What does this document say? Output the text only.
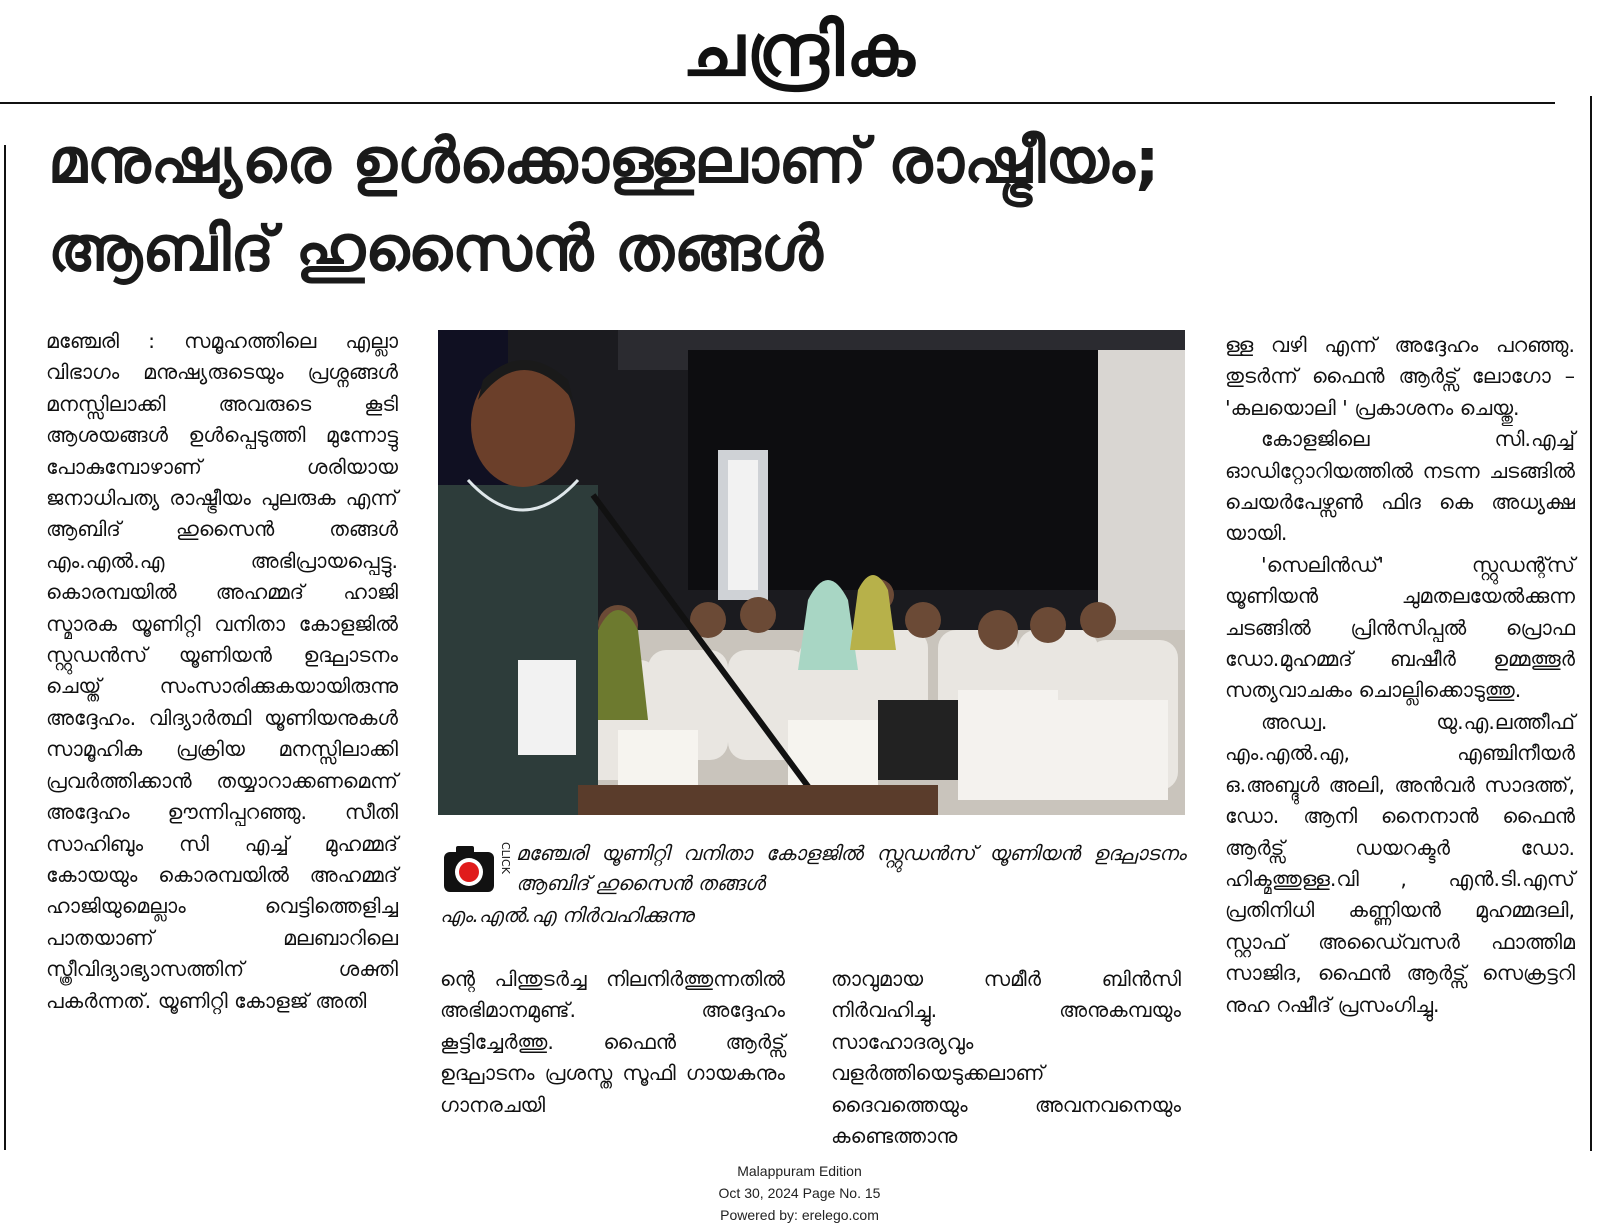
ചന്ദ്രിക
മനുഷ്യരെ ഉൾക്കൊള്ളലാണ് രാഷ്ട്രീയം;
ആബിദ് ഹുസൈൻ തങ്ങൾ

മഞ്ചേരി : സമൂഹത്തിലെ എല്ലാ വിഭാഗം മനുഷ്യരുടെയും പ്രശ്നങ്ങൾ മനസ്സിലാക്കി അവരുടെ കൂടി ആശയങ്ങൾ ഉൾപ്പെടുത്തി മുന്നോട്ടു പോകുമ്പോഴാണ് ശരിയായ ജനാധിപത്യ രാഷ്ട്രീയം പുലരുക എന്ന് ആബിദ് ഹുസൈൻ തങ്ങൾ എം.എൽ.എ അഭിപ്രായപ്പെട്ടു. കൊരമ്പയിൽ അഹമ്മദ് ഹാജി സ്മാരക യൂണിറ്റി വനിതാ കോളജിൽ സ്റ്റുഡൻസ് യൂണിയൻ ഉദ്ഘാടനം ചെയ്ത് സംസാരിക്കുകയായിരുന്നു അദ്ദേഹം. വിദ്യാർത്ഥി യൂണിയനുകൾ സാമൂഹിക പ്രക്രിയ മനസ്സിലാക്കി പ്രവർത്തിക്കാൻ തയ്യാറാക്കണമെന്ന് അദ്ദേഹം ഊന്നിപ്പറഞ്ഞു. സീതി സാഹിബും സി എച്ച് മുഹമ്മദ് കോയയും കൊരമ്പയിൽ അഹമ്മദ് ഹാജിയുമെല്ലാം വെട്ടിത്തെളിച്ച പാതയാണ് മലബാറിലെ സ്ത്രീവിദ്യാഭ്യാസത്തിന് ശക്തി പകർന്നത്. യൂണിറ്റി കോളജ് അതി

CLICK മഞ്ചേരി യൂണിറ്റി വനിതാ കോളജിൽ സ്റ്റുഡൻസ് യൂണിയൻ ഉദ്ഘാടനം ആബിദ് ഹുസൈൻ തങ്ങൾ
എം.എൽ.എ നിർവഹിക്കുന്നു

ന്റെ പിന്തുടർച്ച നിലനിർത്തുന്നതിൽ അഭിമാനമുണ്ട്. അദ്ദേഹം കൂട്ടിച്ചേർത്തു. ഫൈൻ ആർട്സ് ഉദ്ഘാടനം പ്രശസ്ത സൂഫി ഗായകനും ഗാനരചയി

താവുമായ സമീർ ബിൻസി നിർവഹിച്ചു. അനുകമ്പയും സാഹോദര്യവും വളർത്തിയെടുക്കലാണ് ദൈവത്തെയും അവനവനെയും കണ്ടെത്താനു

ള്ള വഴി എന്ന് അദ്ദേഹം പറഞ്ഞു. തുടർന്ന് ഫൈൻ ആർട്സ് ലോഗോ – 'കലയൊലി ' പ്രകാശനം ചെയ്തു.

കോളജിലെ സി.എച്ച് ഓഡിറ്റോറിയത്തിൽ നടന്ന ചടങ്ങിൽ ചെയർപേഴ്സൺ ഫിദ കെ അധ്യക്ഷ യായി.

'സെലിൻഡ്' സ്റ്റുഡന്റ്സ് യൂണിയൻ ചുമതലയേൽക്കുന്ന ചടങ്ങിൽ പ്രിൻസിപ്പൽ പ്രൊഫ ഡോ.മുഹമ്മദ് ബഷീർ ഉമ്മത്തൂർ സത്യവാചകം ചൊല്ലിക്കൊടുത്തു.

അഡ്വ. യു.എ.ലത്തീഫ് എം.എൽ.എ, എഞ്ചിനീയർ ഒ.അബ്ദുൾ അലി, അൻവർ സാദത്ത്, ഡോ. ആനി നൈനാൻ ഫൈൻ ആർട്സ് ഡയറക്ടർ ഡോ. ഹിക്മത്തുള്ള.വി , എൻ.ടി.എസ് പ്രതിനിധി കണ്ണിയൻ മുഹമ്മദലി, സ്റ്റാഫ് അഡൈ്വസർ ഫാത്തിമ സാജിദ, ഫൈൻ ആർട്സ് സെക്രട്ടറി നുഹ റഷീദ് പ്രസംഗിച്ചു.

Malappuram Edition
Oct 30, 2024 Page No. 15
Powered by: erelego.com
